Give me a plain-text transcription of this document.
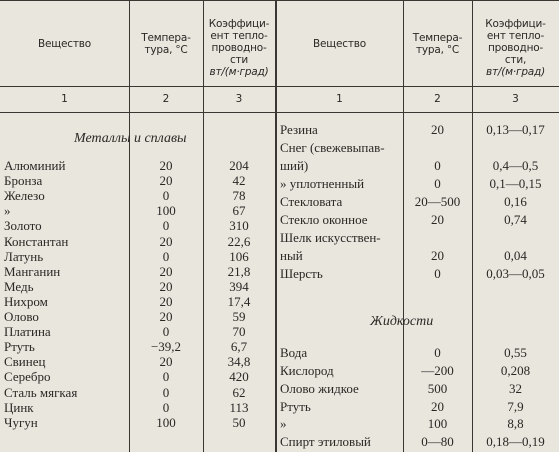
Вещество	Темпера-
тура, °С
Коэффици-
ент тепло-
проводно-
сти
вт/(м·град)
Вещество	Темпера-
тура, °С
Коэффици-
ент тепло-
проводно-
сти,
вт/(м·град)
1	2	3	1	2	3
Металлы и сплавы
Алюминий	20	204
Бронза	20	42
Железо	0	78
»	100	67
Золото	0	310
Константан	20	22,6
Латунь	0	106
Манганин	20	21,8
Медь	20	394
Нихром	20	17,4
Олово	20	59
Платина	0	70
Ртуть	−39,2	6,7
Свинец	20	34,8
Серебро	0	420
Сталь мягкая	0	62
Цинк	0	113
Чугун	100	50
Резина	20	0,13—0,17
Снег (свежевыпав-
ший)	0	0,4—0,5
» уплотненный	0	0,1—0,15
Стекловата	20—500	0,16
Стекло оконное	20	0,74
Шелк искусствен-
ный	20	0,04
Шерсть	0	0,03—0,05
Жидкости
Вода	0	0,55
Кислород	—200	0,208
Олово жидкое	500	32
Ртуть	20	7,9
»	100	8,8
Спирт этиловый	0—80	0,18—0,19
